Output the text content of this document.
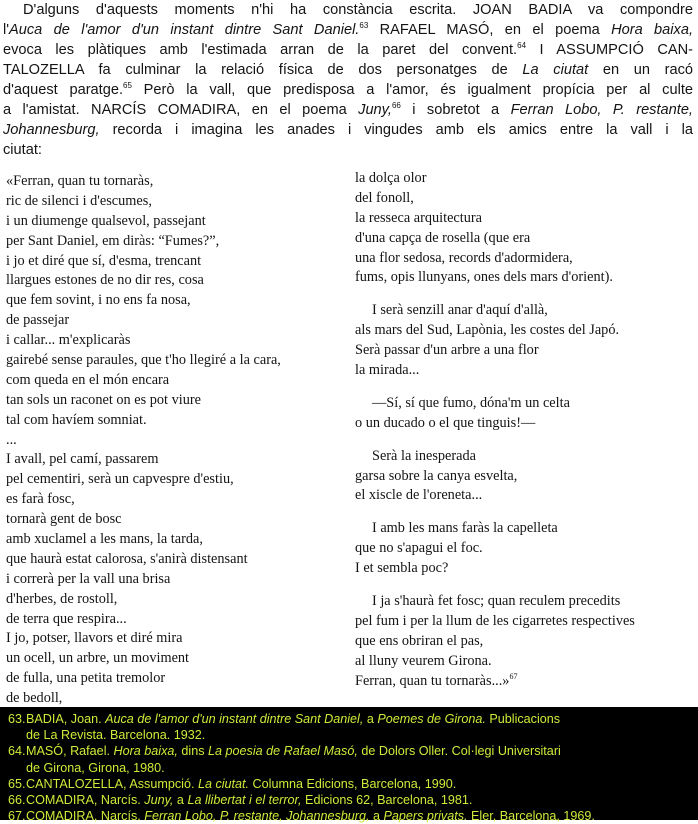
D'alguns d'aquests moments n'hi ha constància escrita. JOAN BADIA va compondre
l'Auca de l'amor d'un instant dintre Sant Daniel.$^{63}$ RAFAEL MASÓ, en el poema Hora baixa,
evoca les plàtiques amb l'estimada arran de la paret del convent.$^{64}$ I ASSUMPCIÓ CAN-
TALOZELLA fa culminar la relació física de dos personatges de La ciutat en un racó
d'aquest paratge.$^{65}$ Però la vall, que predisposa a l'amor, és igualment propícia per al culte
a l'amistat. NARCÍS COMADIRA, en el poema Juny,$^{66}$ i sobretot a Ferran Lobo, P. restante,
Johannesburg, recorda i imagina les anades i vingudes amb els amics entre la vall i la
ciutat:
«Ferran, quan tu tornaràs,
ric de silenci i d'escumes,
i un diumenge qualsevol, passejant
per Sant Daniel, em diràs: “Fumes?”,
i jo et diré que sí, d'esma, trencant
llargues estones de no dir res, cosa
que fem sovint, i no ens fa nosa,
de passejar
i callar... m'explicaràs
gairebé sense paraules, que t'ho llegiré a la cara,
com queda en el món encara
tan sols un raconet on es pot viure
tal com havíem somniat.
...
I avall, pel camí, passarem
pel cementiri, serà un capvespre d'estiu,
es farà fosc,
tornarà gent de bosc
amb xuclamel a les mans, la tarda,
que haurà estat calorosa, s'anirà distensant
i correrà per la vall una brisa
d'herbes, de rostoll,
de terra que respira...
I jo, potser, llavors et diré mira
un ocell, un arbre, un moviment
de fulla, una petita tremolor
de bedoll,
la dolça olor
del fonoll,
la resseca arquitectura
d'una capça de rosella (que era
una flor sedosa, records d'adormidera,
fums, opis llunyans, ones dels mars d'orient).
I serà senzill anar d'aquí d'allà,
als mars del Sud, Lapònia, les costes del Japó.
Serà passar d'un arbre a una flor
la mirada...
—Sí, sí que fumo, dóna'm un celta
o un ducado o el que tinguis!—
Serà la inesperada
garsa sobre la canya esvelta,
el xiscle de l'oreneta...
I amb les mans faràs la capelleta
que no s'apagui el foc.
I et sembla poc?
I ja s'haurà fet fosc; quan reculem precedits
pel fum i per la llum de les cigarretes respectives
que ens obriran el pas,
al lluny veurem Girona.
Ferran, quan tu tornaràs...»$^{67}$
63. BADIA, Joan. Auca de l'amor d'un instant dintre Sant Daniel, a Poemes de Girona. Publicacions
de La Revista. Barcelona. 1932.
64. MASÓ, Rafael. Hora baixa, dins La poesia de Rafael Masó, de Dolors Oller. Col·legi Universitari
de Girona, Girona, 1980.
65. CANTALOZELLA, Assumpció. La ciutat. Columna Edicions, Barcelona, 1990.
66. COMADIRA, Narcís. Juny, a La llibertat i el terror, Edicions 62, Barcelona, 1981.
67. COMADIRA, Narcís. Ferran Lobo, P. restante, Johannesburg, a Papers privats. Eler, Barcelona, 1969.
